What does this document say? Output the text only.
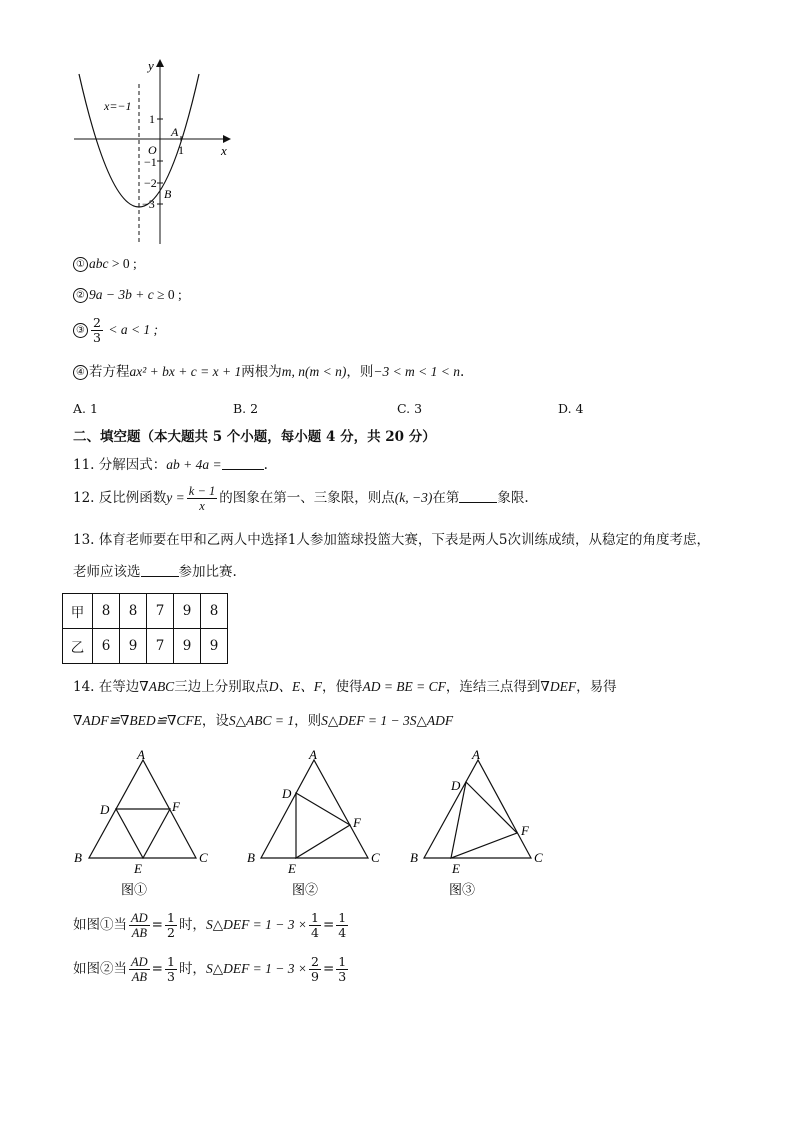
y
x
x=−1
O
1
1
−1
−2
−3
A
B
① abc > 0 ;
② 9a − 3b + c ≥ 0 ;
③ $\frac{2}{3} < a < 1$ ;
④ 若方程ax² + bx + c = x + 1两根为m, n(m < n)，则−3 < m < 1 < n.
A. 1	B. 2	C. 3	D. 4
二、填空题（本大题共 5 个小题，每小题 4 分，共 20 分）
11. 分解因式：ab + 4a =	.
12. 反比例函数$y = \frac{k - 1}{x}$ 的图象在第一、三象限，则点(k, −3)在第	象限.
13. 体育老师要在甲和乙两人中选择1人参加篮球投篮大赛，下表是两人5次训练成绩，从稳定的角度考虑，
老师应该选	参加比赛.
甲	8	8	7	9	8
乙	6	9	7	9	9
14. 在等边∇ABC三边上分别取点D、E、F，使得AD = BE = CF，连结三点得到∇DEF，易得
∇ADF≌∇BED≌∇CFE，设S△ABC = 1，则S△DEF = 1 − 3S△ADF
A
D	F
B
E
C
图①
A
D
F
B
E
C
图②
A
D
F
B
E
C
图③
如图①当 $\frac{AD}{AB} = \frac{1}{2}$ 时，S△DEF = $1 - 3 \times \frac{1}{4} = \frac{1}{4}$
如图②当 $\frac{AD}{AB} = \frac{1}{3}$ 时，S△DEF = $1 - 3 \times \frac{2}{9} = \frac{1}{3}$
